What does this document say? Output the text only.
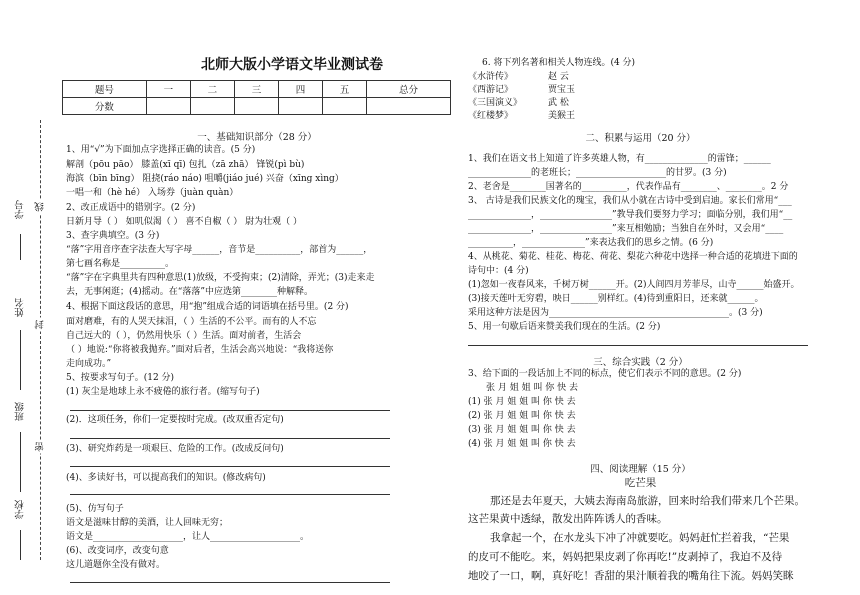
学号
姓名
班级
学校
线
封
密
北师大版小学语文毕业测试卷
题号	一	二	三	四	五	总分
分数						
一、基础知识部分（28 分）
1、用“√”为下面加点字选择正确的读音。(5 分)
解剖（pōu pāo） 膝盖(xī qī) 包扎（zā zhā） 锋锐(pì bù)
海滨（bīn bīng） 阻挠(ráo náo) 咀嚼(jiáo jué) 兴奋（xīng xìng）
一唱一和（hè hé） 入场券（juàn quàn）
2、改正成语中的错别字。(2 分)
日新月导（ ） 如叽似渴（ ） 喜不自椒（ ） 尉为壮观（ ）
3、查字典填空。(3 分)
“落”字用音序查字法查大写字母______，音节是__________，部首为______，
第七画名称是__________。
“落”字在字典里共有四种意思(1)放级，不受拘束；(2)清除，弄光；(3)走来走
去，无事闲逛；(4)摇动。在“落落”中应选第________种解释。
4、根据下面这段话的意思，用“抱”组成合适的词语填在括号里。(2 分)
面对磨难，有的人哭天抹泪，（ ）生活的不公平。而有的人不忘
自己远大的（ ），仍然用快乐（ ）生活。面对前者，生活会
（ ）地说:“你将被我抛弃。”面对后者，生活会高兴地说：“我将送你
走向成功。”
5、按要求写句子。(12 分)
(1) 灰尘是地球上永不疲倦的旅行者。(缩写句子)
(2)．这项任务，你们一定要按时完成。(改双重否定句)
(3)、研究炸药是一项艰巨、危险的工作。(改成反问句)
(4)、多读好书，可以提高我们的知识。(修改病句)
(5)、仿写句子
语文是滋味甘醇的美酒，让人回味无穷；
语文是____________________，让人____________________。
(6)、改变词序，改变句意
这儿道题你全没有做对。
6. 将下列名著和相关人物连线。(4 分)
《水浒传》
《西游记》
《三国演义》
《红楼梦》
赵 云
贾宝玉
武 松
美猴王
二、积累与运用（20 分）
1、我们在语文书上知道了许多英雄人物，有______________的雷锋；______
______________的老班长；____________________的甘罗。(3 分)
2、老舍是________国著名的__________，代表作品有________、________。2 分
3、 古诗是我们民族文化的瑰宝，我们从小就在古诗中受到启迪。家长们常用“___
______________，________________”教导我们要努力学习；面临分别，我们用“__
______________，________________”来互相勉励；当独自在外时，又会用“____
__________，______________”来表达我们的思乡之情。(6 分)
4、从桃花、菊花、桂花、梅花、荷花、梨花六种花中选择一种合适的花填进下面的
诗句中：(4 分)
(1)忽如一夜春风来，千树万树______开。(2)人间四月芳菲尽，山寺______始盛开。
(3)接天莲叶无穷碧，映日______别样红。(4)待到重阳日，还来就______。
采用这种方法是因为________________________________________。(3 分)
5、用一句歇后语来赞美我们现在的生活。(2 分)
三、综合实践（2 分）
3、给下面的一段话加上不同的标点，使它们表示不同的意思。(2 分)
张 月 姐 姐 叫 你 快 去
(1) 张 月 姐 姐 叫 你 快 去
(2) 张 月 姐 姐 叫 你 快 去
(3) 张 月 姐 姐 叫 你 快 去
(4) 张 月 姐 姐 叫 你 快 去
四、阅读理解（15 分）
吃芒果
那还是去年夏天，大姨去海南岛旅游，回来时给我们带来几个芒果。
这芒果黄中透绿，散发出阵阵诱人的香味。
我拿起一个，在水龙头下冲了冲就要吃。妈妈赶忙拦着我，“芒果
的皮可不能吃。来，妈妈把果皮剥了你再吃!”皮剥掉了，我迫不及待
地咬了一口，啊，真好吃！香甜的果汁顺着我的嘴角往下流。妈妈笑眯
